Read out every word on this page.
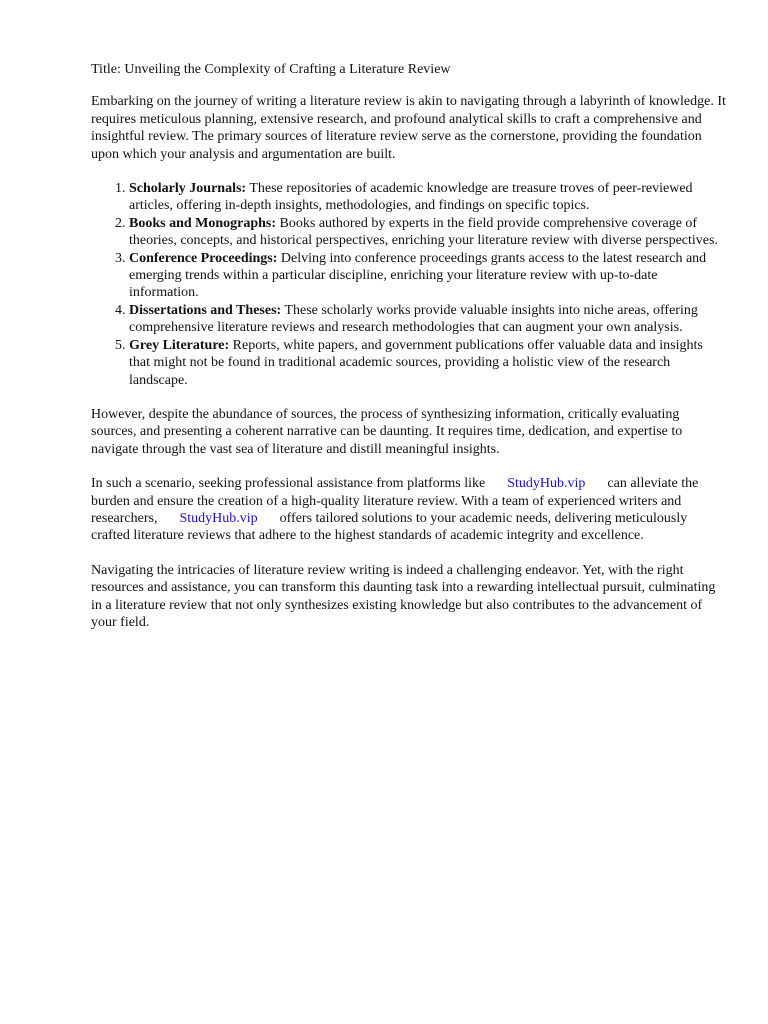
Title: Unveiling the Complexity of Crafting a Literature Review

Embarking on the journey of writing a literature review is akin to navigating through a labyrinth of knowledge. It requires meticulous planning, extensive research, and profound analytical skills to craft a comprehensive and insightful review. The primary sources of literature review serve as the cornerstone, providing the foundation upon which your analysis and argumentation are built.

1. Scholarly Journals: These repositories of academic knowledge are treasure troves of peer-reviewed articles, offering in-depth insights, methodologies, and findings on specific topics.
2. Books and Monographs: Books authored by experts in the field provide comprehensive coverage of theories, concepts, and historical perspectives, enriching your literature review with diverse perspectives.
3. Conference Proceedings: Delving into conference proceedings grants access to the latest research and emerging trends within a particular discipline, enriching your literature review with up-to-date information.
4. Dissertations and Theses: These scholarly works provide valuable insights into niche areas, offering comprehensive literature reviews and research methodologies that can augment your own analysis.
5. Grey Literature: Reports, white papers, and government publications offer valuable data and insights that might not be found in traditional academic sources, providing a holistic view of the research landscape.

However, despite the abundance of sources, the process of synthesizing information, critically evaluating sources, and presenting a coherent narrative can be daunting. It requires time, dedication, and expertise to navigate through the vast sea of literature and distill meaningful insights.

In such a scenario, seeking professional assistance from platforms like StudyHub.vip can alleviate the burden and ensure the creation of a high-quality literature review. With a team of experienced writers and researchers, StudyHub.vip offers tailored solutions to your academic needs, delivering meticulously crafted literature reviews that adhere to the highest standards of academic integrity and excellence.

Navigating the intricacies of literature review writing is indeed a challenging endeavor. Yet, with the right resources and assistance, you can transform this daunting task into a rewarding intellectual pursuit, culminating in a literature review that not only synthesizes existing knowledge but also contributes to the advancement of your field.
